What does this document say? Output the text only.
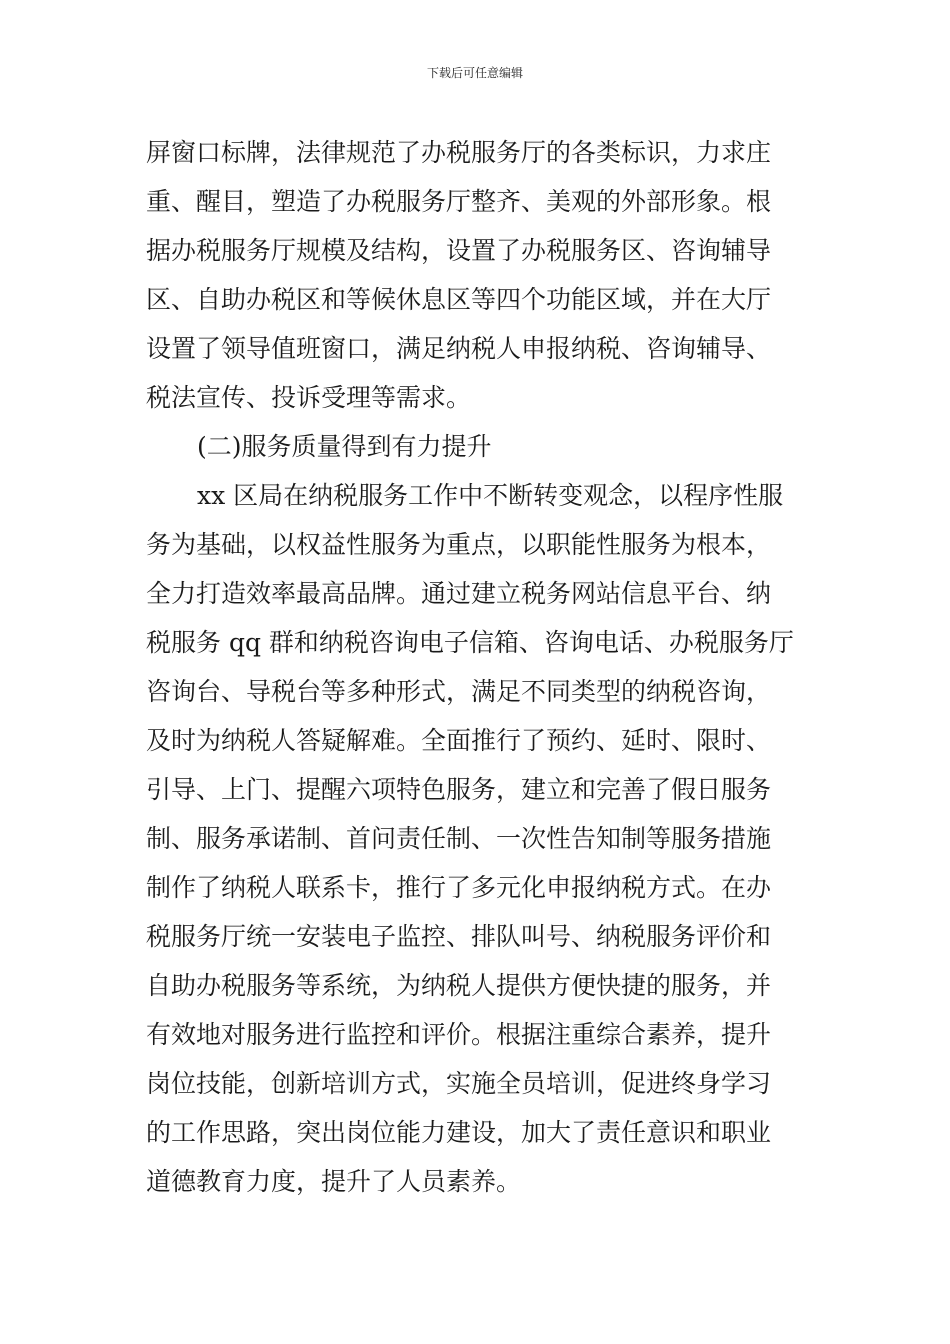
下载后可任意编辑
屏窗口标牌，法律规范了办税服务厅的各类标识，力求庄
重、醒目，塑造了办税服务厅整齐、美观的外部形象。根
据办税服务厅规模及结构，设置了办税服务区、咨询辅导
区、自助办税区和等候休息区等四个功能区域，并在大厅
设置了领导值班窗口，满足纳税人申报纳税、咨询辅导、
税法宣传、投诉受理等需求。
(二)服务质量得到有力提升
xx 区局在纳税服务工作中不断转变观念，以程序性服
务为基础，以权益性服务为重点，以职能性服务为根本，
全力打造效率最高品牌。通过建立税务网站信息平台、纳
税服务 qq 群和纳税咨询电子信箱、咨询电话、办税服务厅
咨询台、导税台等多种形式，满足不同类型的纳税咨询，
及时为纳税人答疑解难。全面推行了预约、延时、限时、
引导、上门、提醒六项特色服务，建立和完善了假日服务
制、服务承诺制、首问责任制、一次性告知制等服务措施
制作了纳税人联系卡，推行了多元化申报纳税方式。在办
税服务厅统一安装电子监控、排队叫号、纳税服务评价和
自助办税服务等系统，为纳税人提供方便快捷的服务，并
有效地对服务进行监控和评价。根据注重综合素养，提升
岗位技能，创新培训方式，实施全员培训，促进终身学习
的工作思路，突出岗位能力建设，加大了责任意识和职业
道德教育力度，提升了人员素养。
